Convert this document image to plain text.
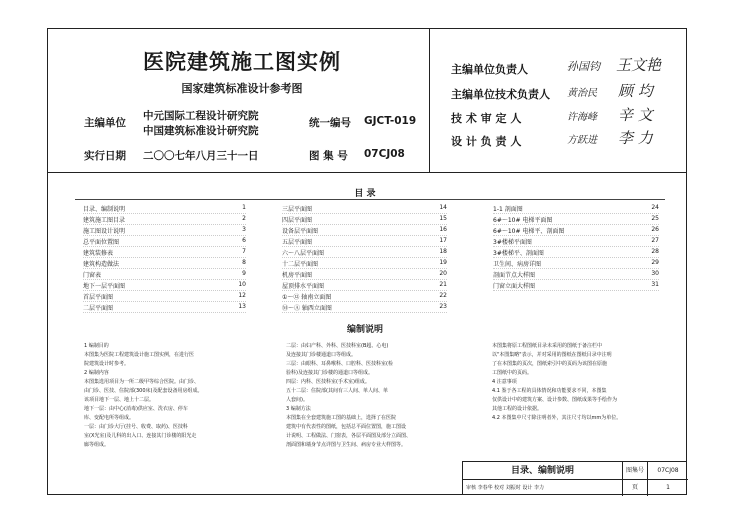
医院建筑施工图实例
国家建筑标准设计参考图
主编单位
中元国际工程设计研究院
中国建筑标准设计研究院
统一编号 GJCT-019
实行日期 二〇〇七年八月三十一日	图 集 号 07CJ08
主编单位负责人	孙国钧 王文艳
主编单位技术负责人 黄治民 顾 均
技 术 审 定 人	许海峰 辛 文
设 计 负 责 人	方跃进 李 力
目 录
目录、编制说明	1
建筑施工图目录	2
施工图设计说明	3
总平面位置图	6
建筑装修表	7
建筑构造做法	8
门窗表	9
地下一层平面图	10
首层平面图	12
二层平面图	13
三层平面图	14
四层平面图	15
设备层平面图	16
五层平面图	17
六～八层平面图	18
十二层平面图	19
机房平面图	20
屋顶排水平面图	21
①～⑫ 轴南立面图	22
Ⓜ～Ⓐ 轴西立面图	23
1-1 剖面图	24
6#～10# 电梯平面图	25
6#～10# 电梯平、剖面图	26
3#楼梯平面图	27
3#楼梯平、剖面图	28
卫生间、病房详图	29
剖面节点大样图	30
门窗立面大样图	31
编制说明
1 编制目的
本图集为医院工程建筑设计施工图实例，在进行医
院建筑设计时参考。
2 编制内容
本图集选用项目为一所二级甲等综合医院。由门诊、
由门诊、医技、住院部(300床)及配套设备用房组成。
该项目地下一层、地上十二层。
地下一层：由中心(消毒)供应室、洗衣房、停车
库、变配电所等组成。
一层：由门诊大厅(挂号、收费、取药)、医技科
室(X光室)及儿科的出入口、连接其门诊楼的阳光走
廊等组成。
二层：由妇产科、外科、医技科室(B超、心电)
及连接其门诊楼通道口等组成。
三层：由眼科、耳鼻喉科、口腔科、医技科室(检
验科)及连接其门诊楼的通道口等组成。
四层：内科、医技科室(手术室)组成。
五十二层：住院部(其间有三人间、单人间、单
人套间)。
3 编制方法
本图集在全套建筑施工图的基础上，选择了在医院
建筑中有代表性的图纸，包括总平面位置图，施工图设
计说明、工程做法、门窗表，各层平面图及部分立面图、
剖面图和墙身节点详图与卫生间、病房专业大样图等。
本图集将原工程图纸目录未采用的图纸于备注栏中
以"本图集略"表示，并对采用的图纸在图纸目录中注明
了在本图集的页次，图纸索引中的页码为该图在原施
工图纸中的页码。
4 注意事项
4.1 鉴于各工程的具体情况和功能要求不同，本图集
仅供设计中的建筑方案、设计参数、图纸成果等手绘作为
其他工程的设计依据。
4.2 本图集中尺寸除注明者外，其注尺寸均以mm为单位。
目录、编制说明	图集号	07CJ08
审核 李春华 校对 刘振时 设计 李力	页	1
